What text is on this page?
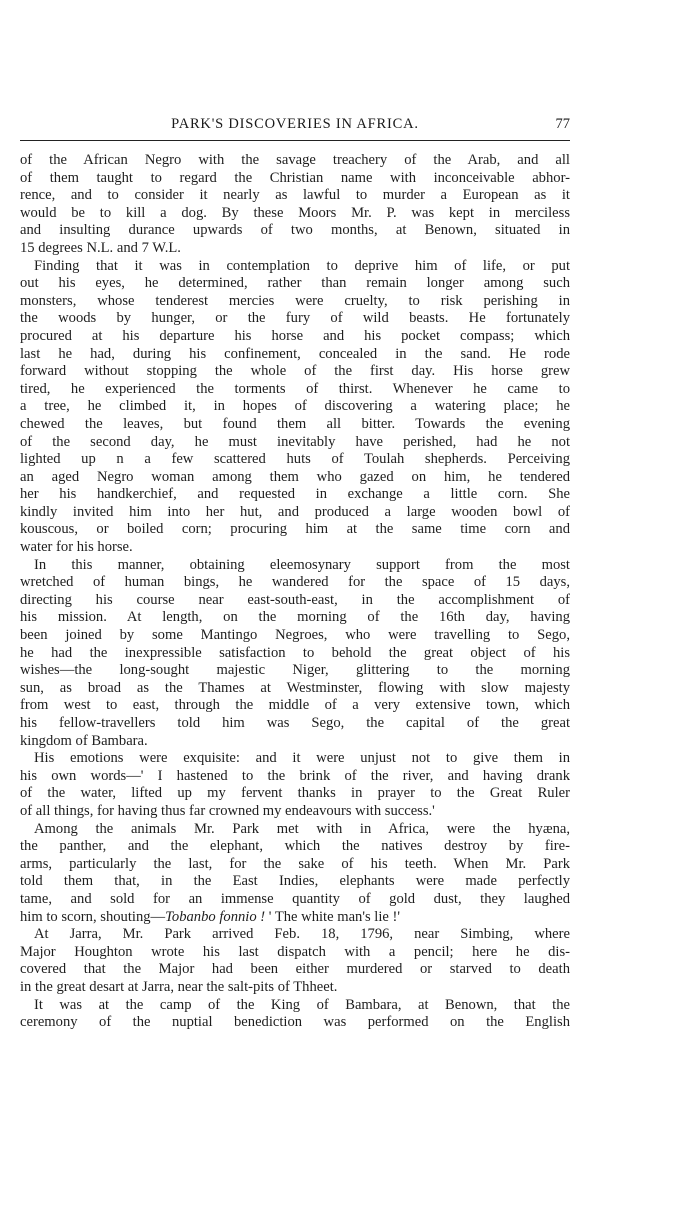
PARK'S DISCOVERIES IN AFRICA.	77
of the African Negro with the savage treachery of the Arab, and all
of them taught to regard the Christian name with inconceivable abhor-
rence, and to consider it nearly as lawful to murder a European as it
would be to kill a dog. By these Moors Mr. P. was kept in merciless
and insulting durance upwards of two months, at Benown, situated in
15 degrees N.L. and 7 W.L.
Finding that it was in contemplation to deprive him of life, or put
out his eyes, he determined, rather than remain longer among such
monsters, whose tenderest mercies were cruelty, to risk perishing in
the woods by hunger, or the fury of wild beasts. He fortunately
procured at his departure his horse and his pocket compass; which
last he had, during his confinement, concealed in the sand. He rode
forward without stopping the whole of the first day. His horse grew
tired, he experienced the torments of thirst. Whenever he came to
a tree, he climbed it, in hopes of discovering a watering place; he
chewed the leaves, but found them all bitter. Towards the evening
of the second day, he must inevitably have perished, had he not
lighted up n a few scattered huts of Toulah shepherds. Perceiving
an aged Negro woman among them who gazed on him, he tendered
her his handkerchief, and requested in exchange a little corn. She
kindly invited him into her hut, and produced a large wooden bowl of
kouscous, or boiled corn; procuring him at the same time corn and
water for his horse.
In this manner, obtaining eleemosynary support from the most
wretched of human bings, he wandered for the space of 15 days,
directing his course near east-south-east, in the accomplishment of
his mission. At length, on the morning of the 16th day, having
been joined by some Mantingo Negroes, who were travelling to Sego,
he had the inexpressible satisfaction to behold the great object of his
wishes—the long-sought majestic Niger, glittering to the morning
sun, as broad as the Thames at Westminster, flowing with slow majesty
from west to east, through the middle of a very extensive town, which
his fellow-travellers told him was Sego, the capital of the great
kingdom of Bambara.
His emotions were exquisite: and it were unjust not to give them in
his own words—' I hastened to the brink of the river, and having drank
of the water, lifted up my fervent thanks in prayer to the Great Ruler
of all things, for having thus far crowned my endeavours with success.'
Among the animals Mr. Park met with in Africa, were the hyæna,
the panther, and the elephant, which the natives destroy by fire-
arms, particularly the last, for the sake of his teeth. When Mr. Park
told them that, in the East Indies, elephants were made perfectly
tame, and sold for an immense quantity of gold dust, they laughed
him to scorn, shouting—Tobanbo fonnio ! ' The white man's lie !'
At Jarra, Mr. Park arrived Feb. 18, 1796, near Simbing, where
Major Houghton wrote his last dispatch with a pencil; here he dis-
covered that the Major had been either murdered or starved to death
in the great desart at Jarra, near the salt-pits of Thheet.
It was at the camp of the King of Bambara, at Benown, that the
ceremony of the nuptial benediction was performed on the English
